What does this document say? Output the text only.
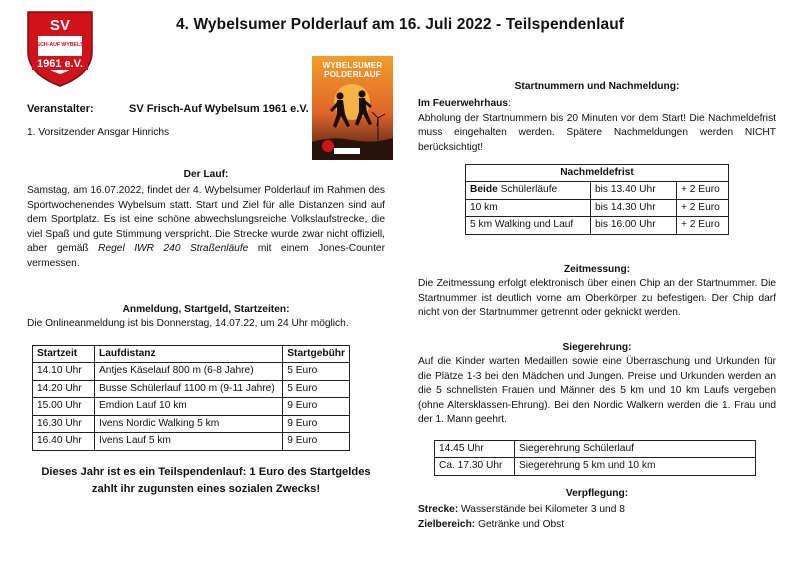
SV
FRISCH-AUF WYBELSUM
1961 e.V.
4. Wybelsumer Polderlauf am 16. Juli 2022 - Teilspendenlauf
WYBELSUMER
POLDERLAUF
Veranstalter:	SV Frisch-Auf Wybelsum 1961 e.V.
1. Vorsitzender Ansgar Hinrichs
Der Lauf:
Samstag, am 16.07.2022, findet der 4. Wybelsumer Polderlauf im Rahmen des Sportwochenendes Wybelsum statt. Start und Ziel für alle Distanzen sind auf dem Sportplatz. Es ist eine schöne abwechslungsreiche Volkslaufstrecke, die viel Spaß und gute Stimmung verspricht. Die Strecke wurde zwar nicht offiziell, aber gemäß Regel IWR 240 Straßenläufe mit einem Jones-Counter vermessen.
Anmeldung, Startgeld, Startzeiten:
Die Onlineanmeldung ist bis Donnerstag, 14.07.22, um 24 Uhr möglich.
Startzeit	Laufdistanz	Startgebühr
14.10 Uhr	Antjes Käselauf 800 m (6-8 Jahre)	5 Euro
14.20 Uhr	Busse Schülerlauf 1100 m (9-11 Jahre)	5 Euro
15.00 Uhr	Emdion Lauf 10 km	9 Euro
16.30 Uhr	Ivens Nordic Walking 5 km	9 Euro
16.40 Uhr	Ivens Lauf 5 km	9 Euro
Dieses Jahr ist es ein Teilspendenlauf: 1 Euro des Startgeldes
zahlt ihr zugunsten eines sozialen Zwecks!
Startnummern und Nachmeldung:
Im Feuerwehrhaus:
Abholung der Startnummern bis 20 Minuten vor dem Start! Die Nachmeldefrist muss eingehalten werden. Spätere Nachmeldungen werden NICHT berücksichtigt!
Nachmeldefrist		
Beide Schülerläufe	bis 13.40 Uhr	+ 2 Euro
10 km	bis 14.30 Uhr	+ 2 Euro
5 km Walking und Lauf	bis 16.00 Uhr	+ 2 Euro
Zeitmessung:
Die Zeitmessung erfolgt elektronisch über einen Chip an der Startnummer. Die Startnummer ist deutlich vorne am Oberkörper zu befestigen. Der Chip darf nicht von der Startnummer getrennt oder geknickt werden.
Siegerehrung:
Auf die Kinder warten Medaillen sowie eine Überraschung und Urkunden für die Plätze 1-3 bei den Mädchen und Jungen. Preise und Urkunden werden an die 5 schnellsten Frauen und Männer des 5 km und 10 km Laufs vergeben (ohne Altersklassen-Ehrung). Bei den Nordic Walkern werden die 1. Frau und der 1. Mann geehrt.
14.45 Uhr	Siegerehrung Schülerlauf
Ca. 17.30 Uhr	Siegerehrung 5 km und 10 km
Verpflegung:
Strecke: Wasserstände bei Kilometer 3 und 8
Zielbereich: Getränke und Obst
